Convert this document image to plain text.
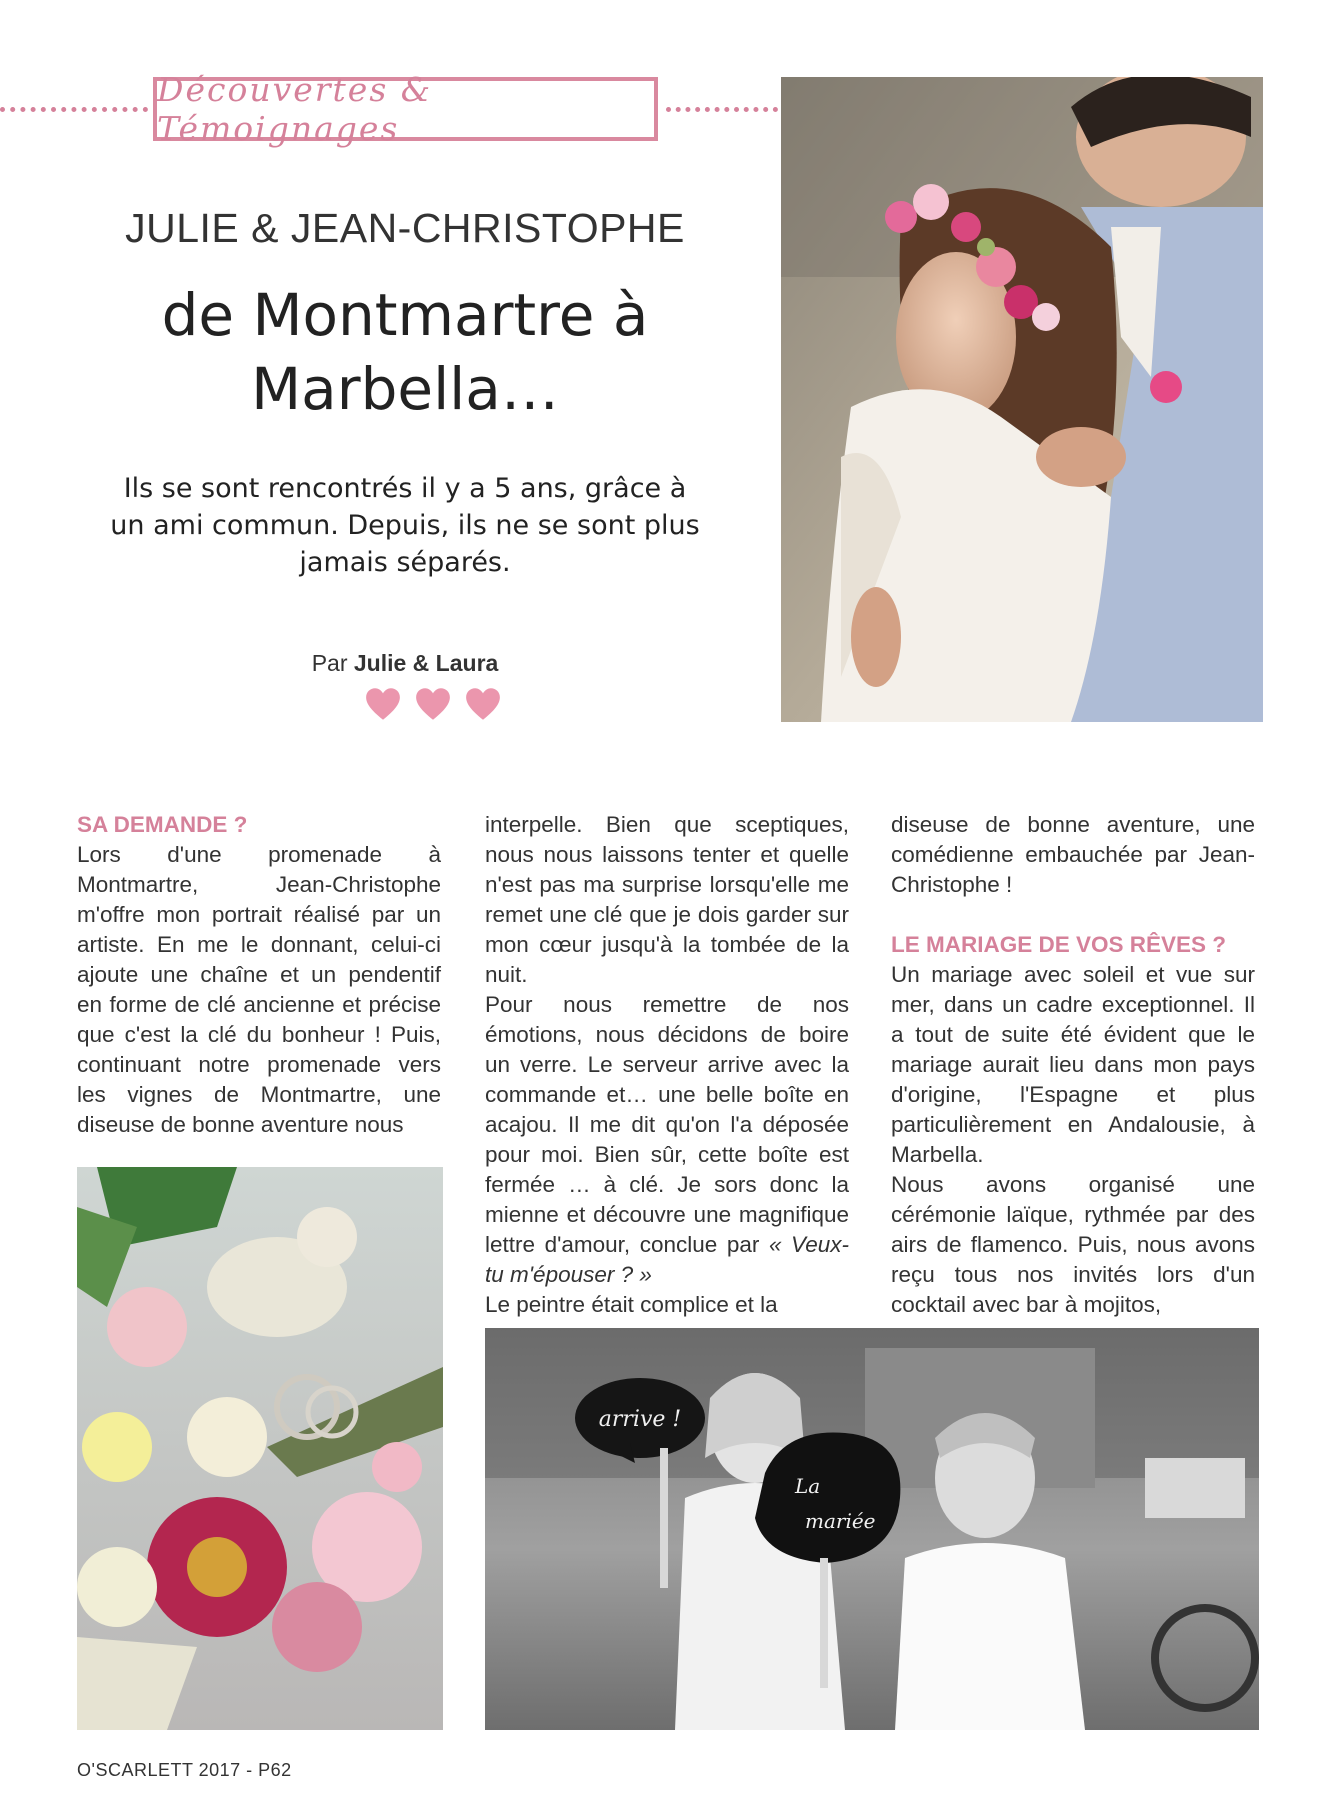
Découvertes & Témoignages
JULIE & JEAN-CHRISTOPHE
de Montmartre à
Marbella…
Ils se sont rencontrés il y a 5 ans, grâce à un ami commun. Depuis, ils ne se sont plus jamais séparés.
Par Julie & Laura

SA DEMANDE ?

Lors d'une promenade à Montmartre, Jean-Christophe m'offre mon portrait réalisé par un artiste. En me le donnant, celui-ci ajoute une chaîne et un pendentif en forme de clé ancienne et précise que c'est la clé du bonheur ! Puis, continuant notre promenade vers les vignes de Montmartre, une diseuse de bonne aventure nous

interpelle. Bien que sceptiques, nous nous laissons tenter et quelle n'est pas ma surprise lorsqu'elle me remet une clé que je dois garder sur mon cœur jusqu'à la tombée de la nuit.

Pour nous remettre de nos émotions, nous décidons de boire un verre. Le serveur arrive avec la commande et… une belle boîte en acajou. Il me dit qu'on l'a déposée pour moi. Bien sûr, cette boîte est fermée … à clé. Je sors donc la mienne et découvre une magnifique lettre d'amour, conclue par « Veux-tu m'épouser ? »

Le peintre était complice et la

diseuse de bonne aventure, une comédienne embauchée par Jean-Christophe !

LE MARIAGE DE VOS RÊVES ?

Un mariage avec soleil et vue sur mer, dans un cadre exceptionnel. Il a tout de suite été évident que le mariage aurait lieu dans mon pays d'origine, l'Espagne et plus particulièrement en Andalousie, à Marbella.

Nous avons organisé une cérémonie laïque, rythmée par des airs de flamenco. Puis, nous avons reçu tous nos invités lors d'un cocktail avec bar à mojitos,

arrive !
La
mariée
O'SCARLETT 2017 - P62
